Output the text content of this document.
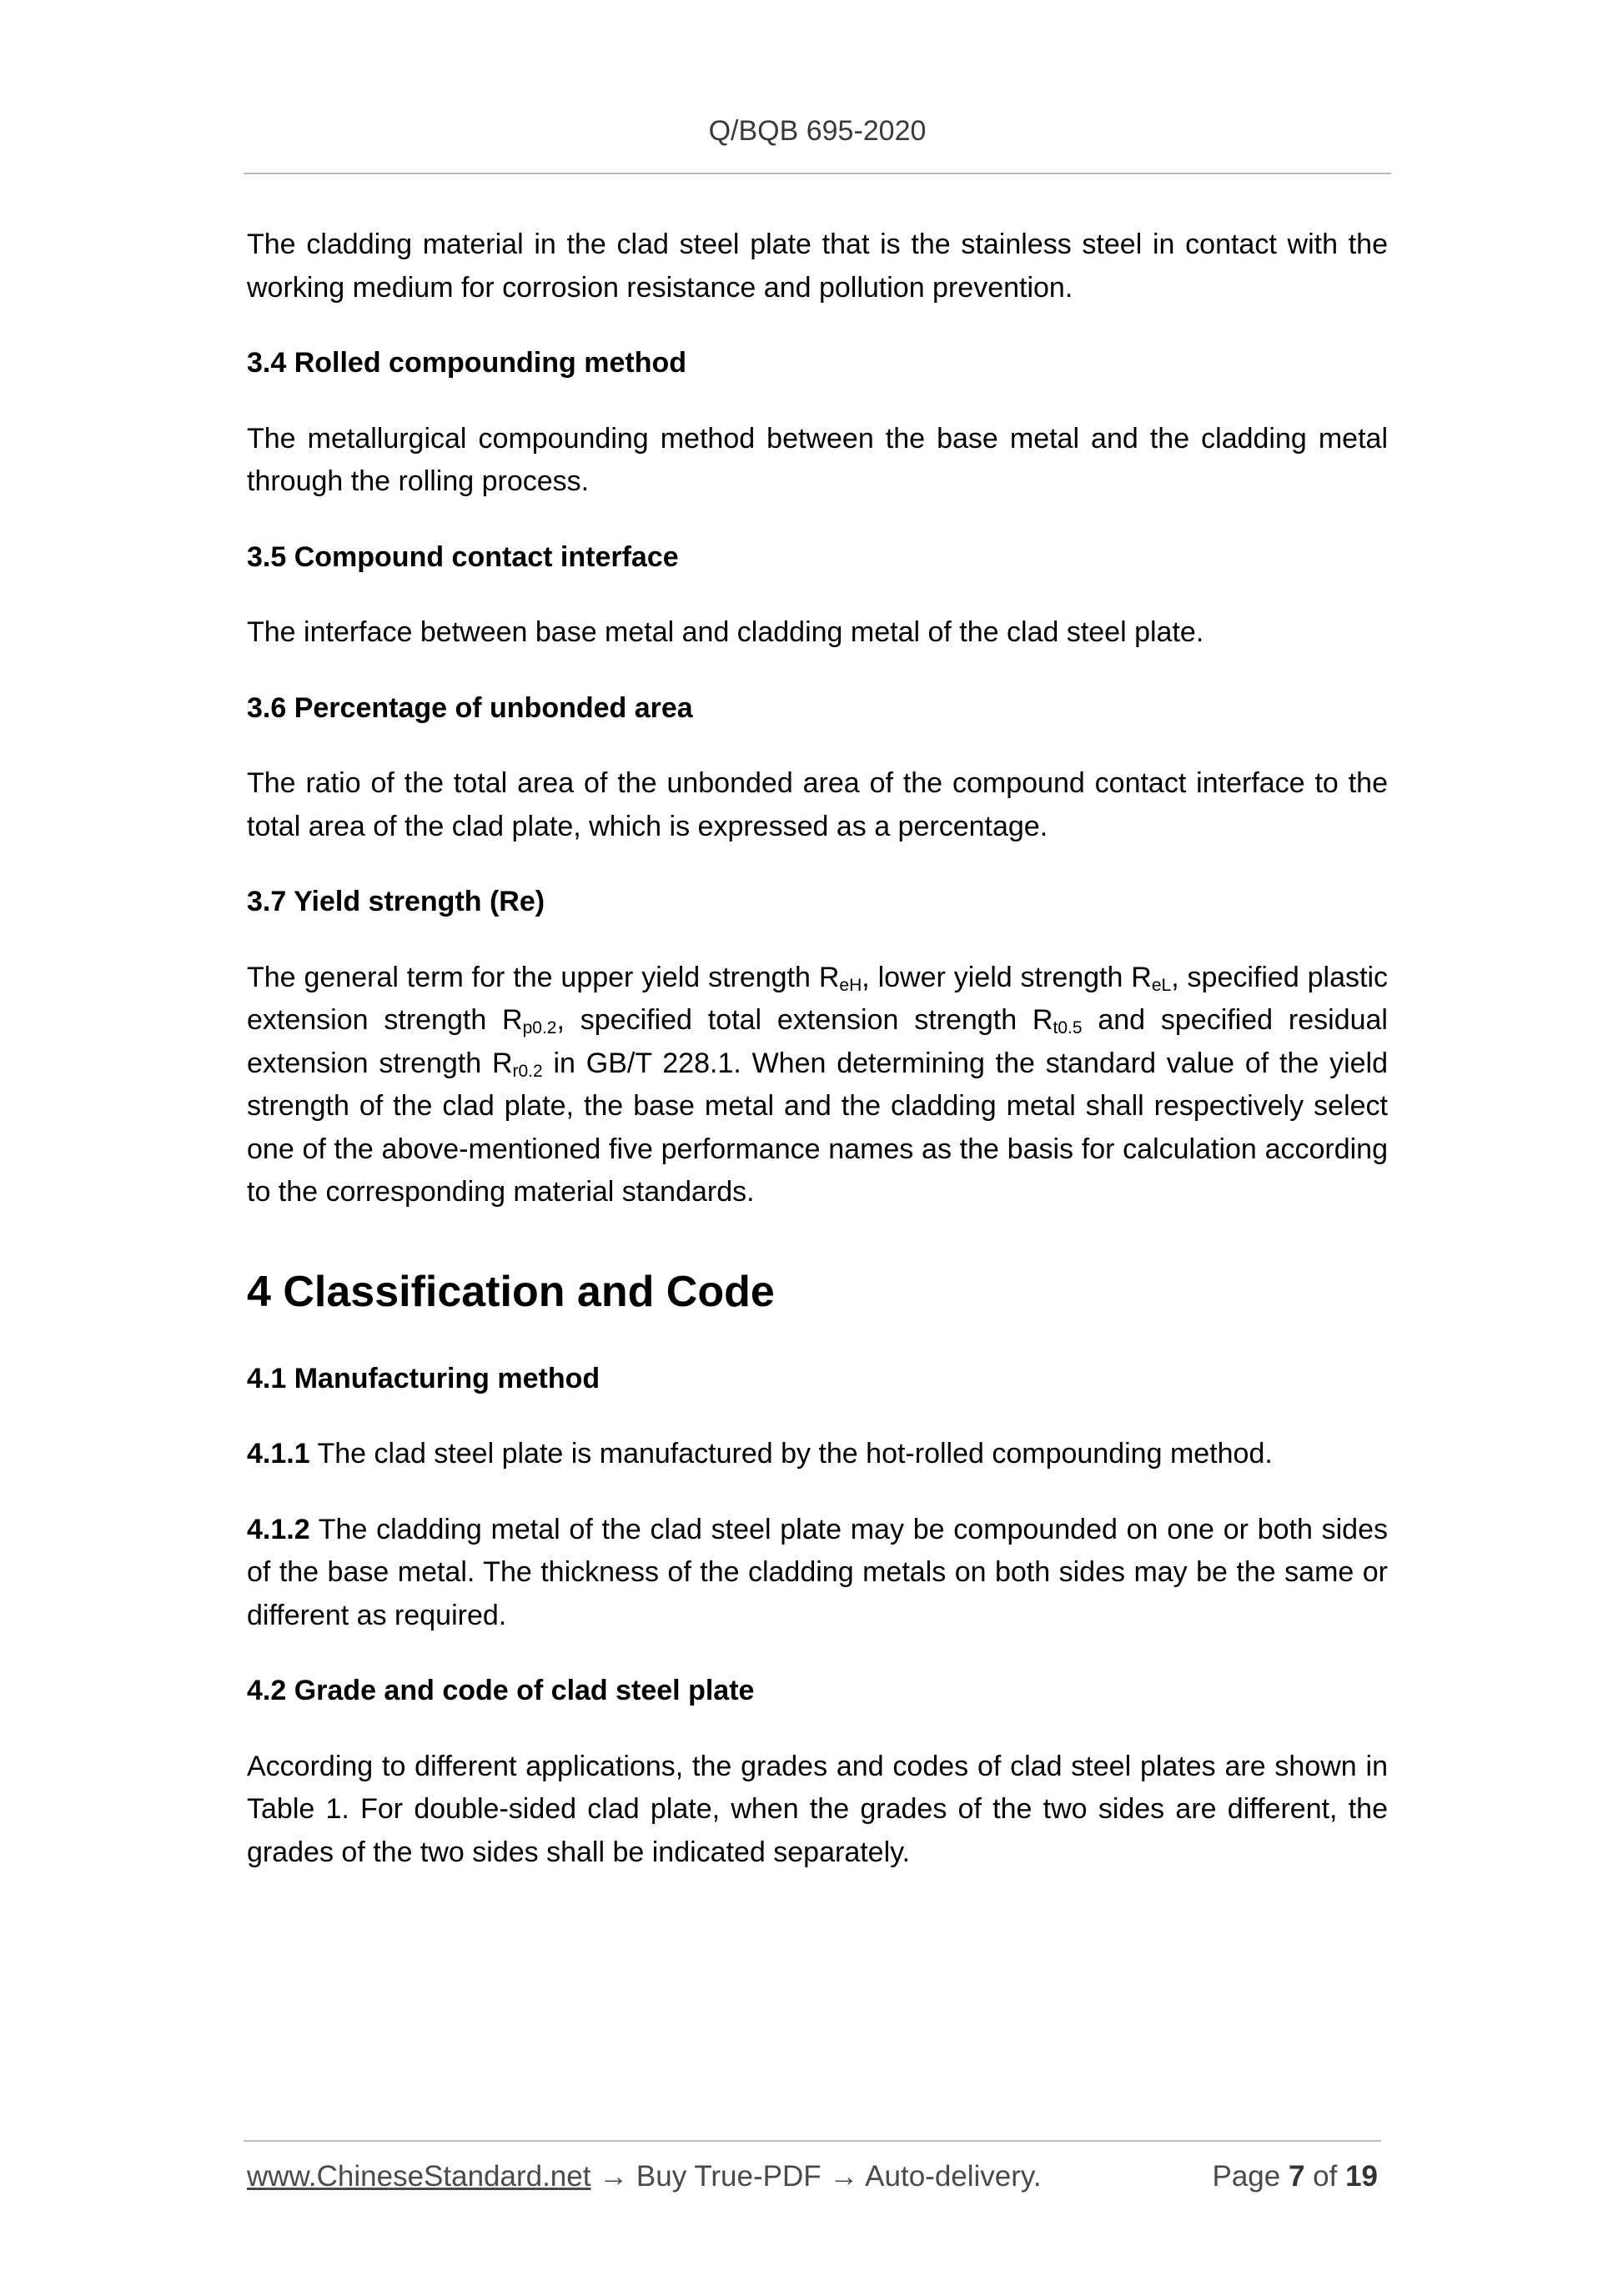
Q/BQB 695-2020

The cladding material in the clad steel plate that is the stainless steel in contact with the working medium for corrosion resistance and pollution prevention.

3.4 Rolled compounding method

The metallurgical compounding method between the base metal and the cladding metal through the rolling process.

3.5 Compound contact interface

The interface between base metal and cladding metal of the clad steel plate.

3.6 Percentage of unbonded area

The ratio of the total area of the unbonded area of the compound contact interface to the total area of the clad plate, which is expressed as a percentage.

3.7 Yield strength (Re)

The general term for the upper yield strength $R_{eH}$, lower yield strength $R_{eL}$, specified plastic extension strength $R_{p0.2}$, specified total extension strength $R_{t0.5}$ and specified residual extension strength $R_{r0.2}$ in GB/T 228.1. When determining the standard value of the yield strength of the clad plate, the base metal and the cladding metal shall respectively select one of the above-mentioned five performance names as the basis for calculation according to the corresponding material standards.

4 Classification and Code

4.1 Manufacturing method

4.1.1 The clad steel plate is manufactured by the hot-rolled compounding method.

4.1.2 The cladding metal of the clad steel plate may be compounded on one or both sides of the base metal. The thickness of the cladding metals on both sides may be the same or different as required.

4.2 Grade and code of clad steel plate

According to different applications, the grades and codes of clad steel plates are shown in Table 1. For double-sided clad plate, when the grades of the two sides are different, the grades of the two sides shall be indicated separately.

www.ChineseStandard.net → Buy True-PDF → Auto-delivery.	Page 7 of 19
